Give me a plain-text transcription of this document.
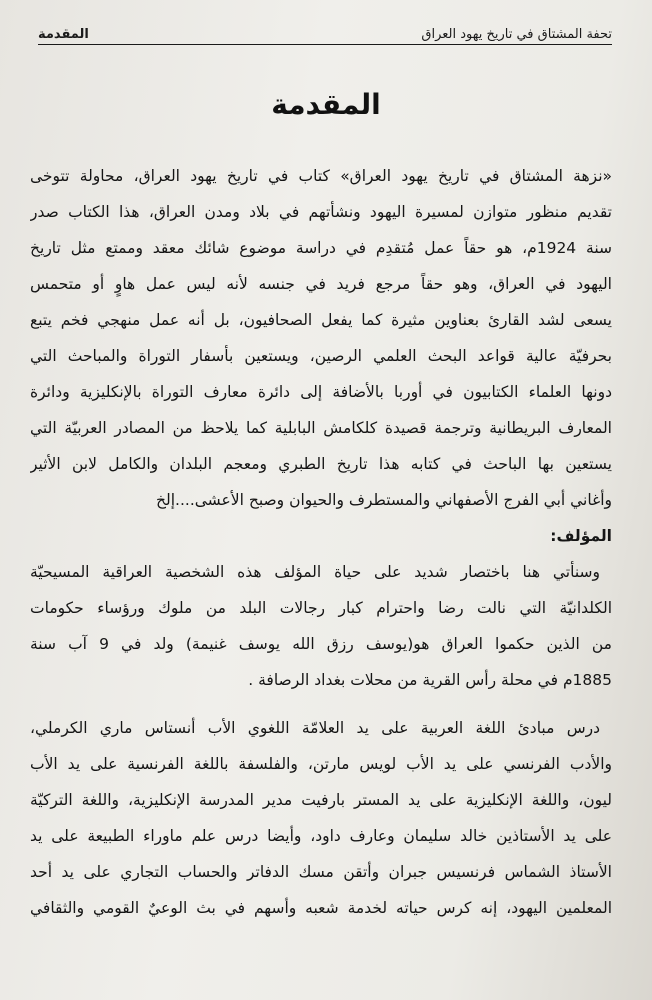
تحفة المشتاق في تاريخ يهود العراق
المقدمة
المقدمة
«نزهة المشتاق في تاريخ يهود العراق» كتاب في تاريخ يهود العراق، محاولة تتوخى
تقديم منظور متوازن لمسيرة اليهود ونشأتهم في بلاد ومدن العراق، هذا الكتاب صدر
سنة 1924م، هو حقاً عمل مُتقدِم في دراسة موضوع شائك معقد وممتع مثل تاريخ
اليهود في العراق، وهو حقاً مرجع فريد في جنسه لأنه ليس عمل هاوٍ أو متحمس
يسعى لشد القارئ بعناوين مثيرة كما يفعل الصحافيون، بل أنه عمل منهجي فخم يتبع
بحرفيّة عالية قواعد البحث العلمي الرصين، ويستعين بأسفار التوراة والمباحث التي
دونها العلماء الكتابيون في أوربا بالأضافة إلى دائرة معارف التوراة بالإنكليزية ودائرة
المعارف البريطانية وترجمة قصيدة كلكامش البابلية كما يلاحظ من المصادر العربيّة التي
يستعين بها الباحث في كتابه هذا تاريخ الطبري ومعجم البلدان والكامل لابن الأثير
وأغاني أبي الفرج الأصفهاني والمستطرف والحيوان وصبح الأعشى....إلخ
المؤلف:
وسنأتي هنا باختصار شديد على حياة المؤلف هذه الشخصية العراقية المسيحيّة
الكلدانيّة التي نالت رضا واحترام كبار رجالات البلد من ملوك ورؤساء حكومات
من الذين حكموا العراق هو(يوسف رزق الله يوسف غنيمة) ولد في 9 آب سنة
1885م في محلة رأس القرية من محلات بغداد الرصافة .
درس مبادئ اللغة العربية على يد العلامّة اللغوي الأب أنستاس ماري الكرملي،
والأدب الفرنسي على يد الأب لويس مارتن، والفلسفة باللغة الفرنسية على يد الأب
ليون، واللغة الإنكليزية على يد المستر بارفيت مدير المدرسة الإنكليزية، واللغة التركيّة
على يد الأستاذين خالد سليمان وعارف داود، وأيضا درس علم ماوراء الطبيعة على يد
الأستاذ الشماس فرنسيس جبران وأتقن مسك الدفاتر والحساب التجاري على يد أحد
المعلمين اليهود، إنه كرس حياته لخدمة شعبه وأسهم في بث الوعيٌ القومي والثقافي
